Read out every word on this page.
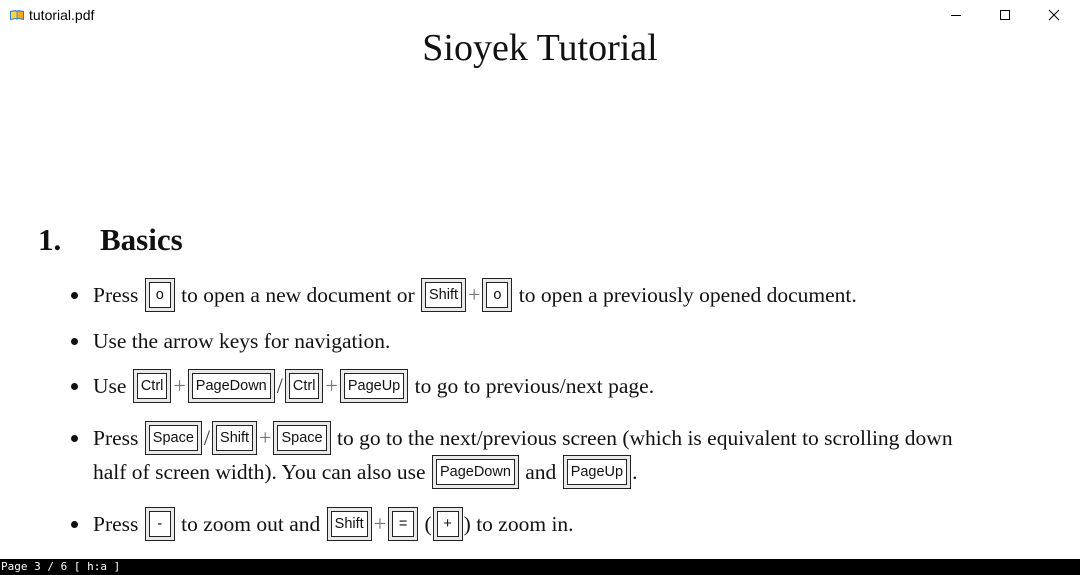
tutorial.pdf
Sioyek Tutorial
1. Basics
Press	o to open a new document or Shift + o to open a previously opened document.
Use the arrow keys for navigation.
Use Ctrl + PageDown / Ctrl + PageUp to go to previous/next page.
Press Space / Shift + Space to go to the next/previous screen (which is equivalent to scrolling down
half of screen width). You can also use PageDown and PageUp .
Press	- to zoom out and Shift + = ( + ) to zoom in.
Page 3 / 6 [ h:a ]
